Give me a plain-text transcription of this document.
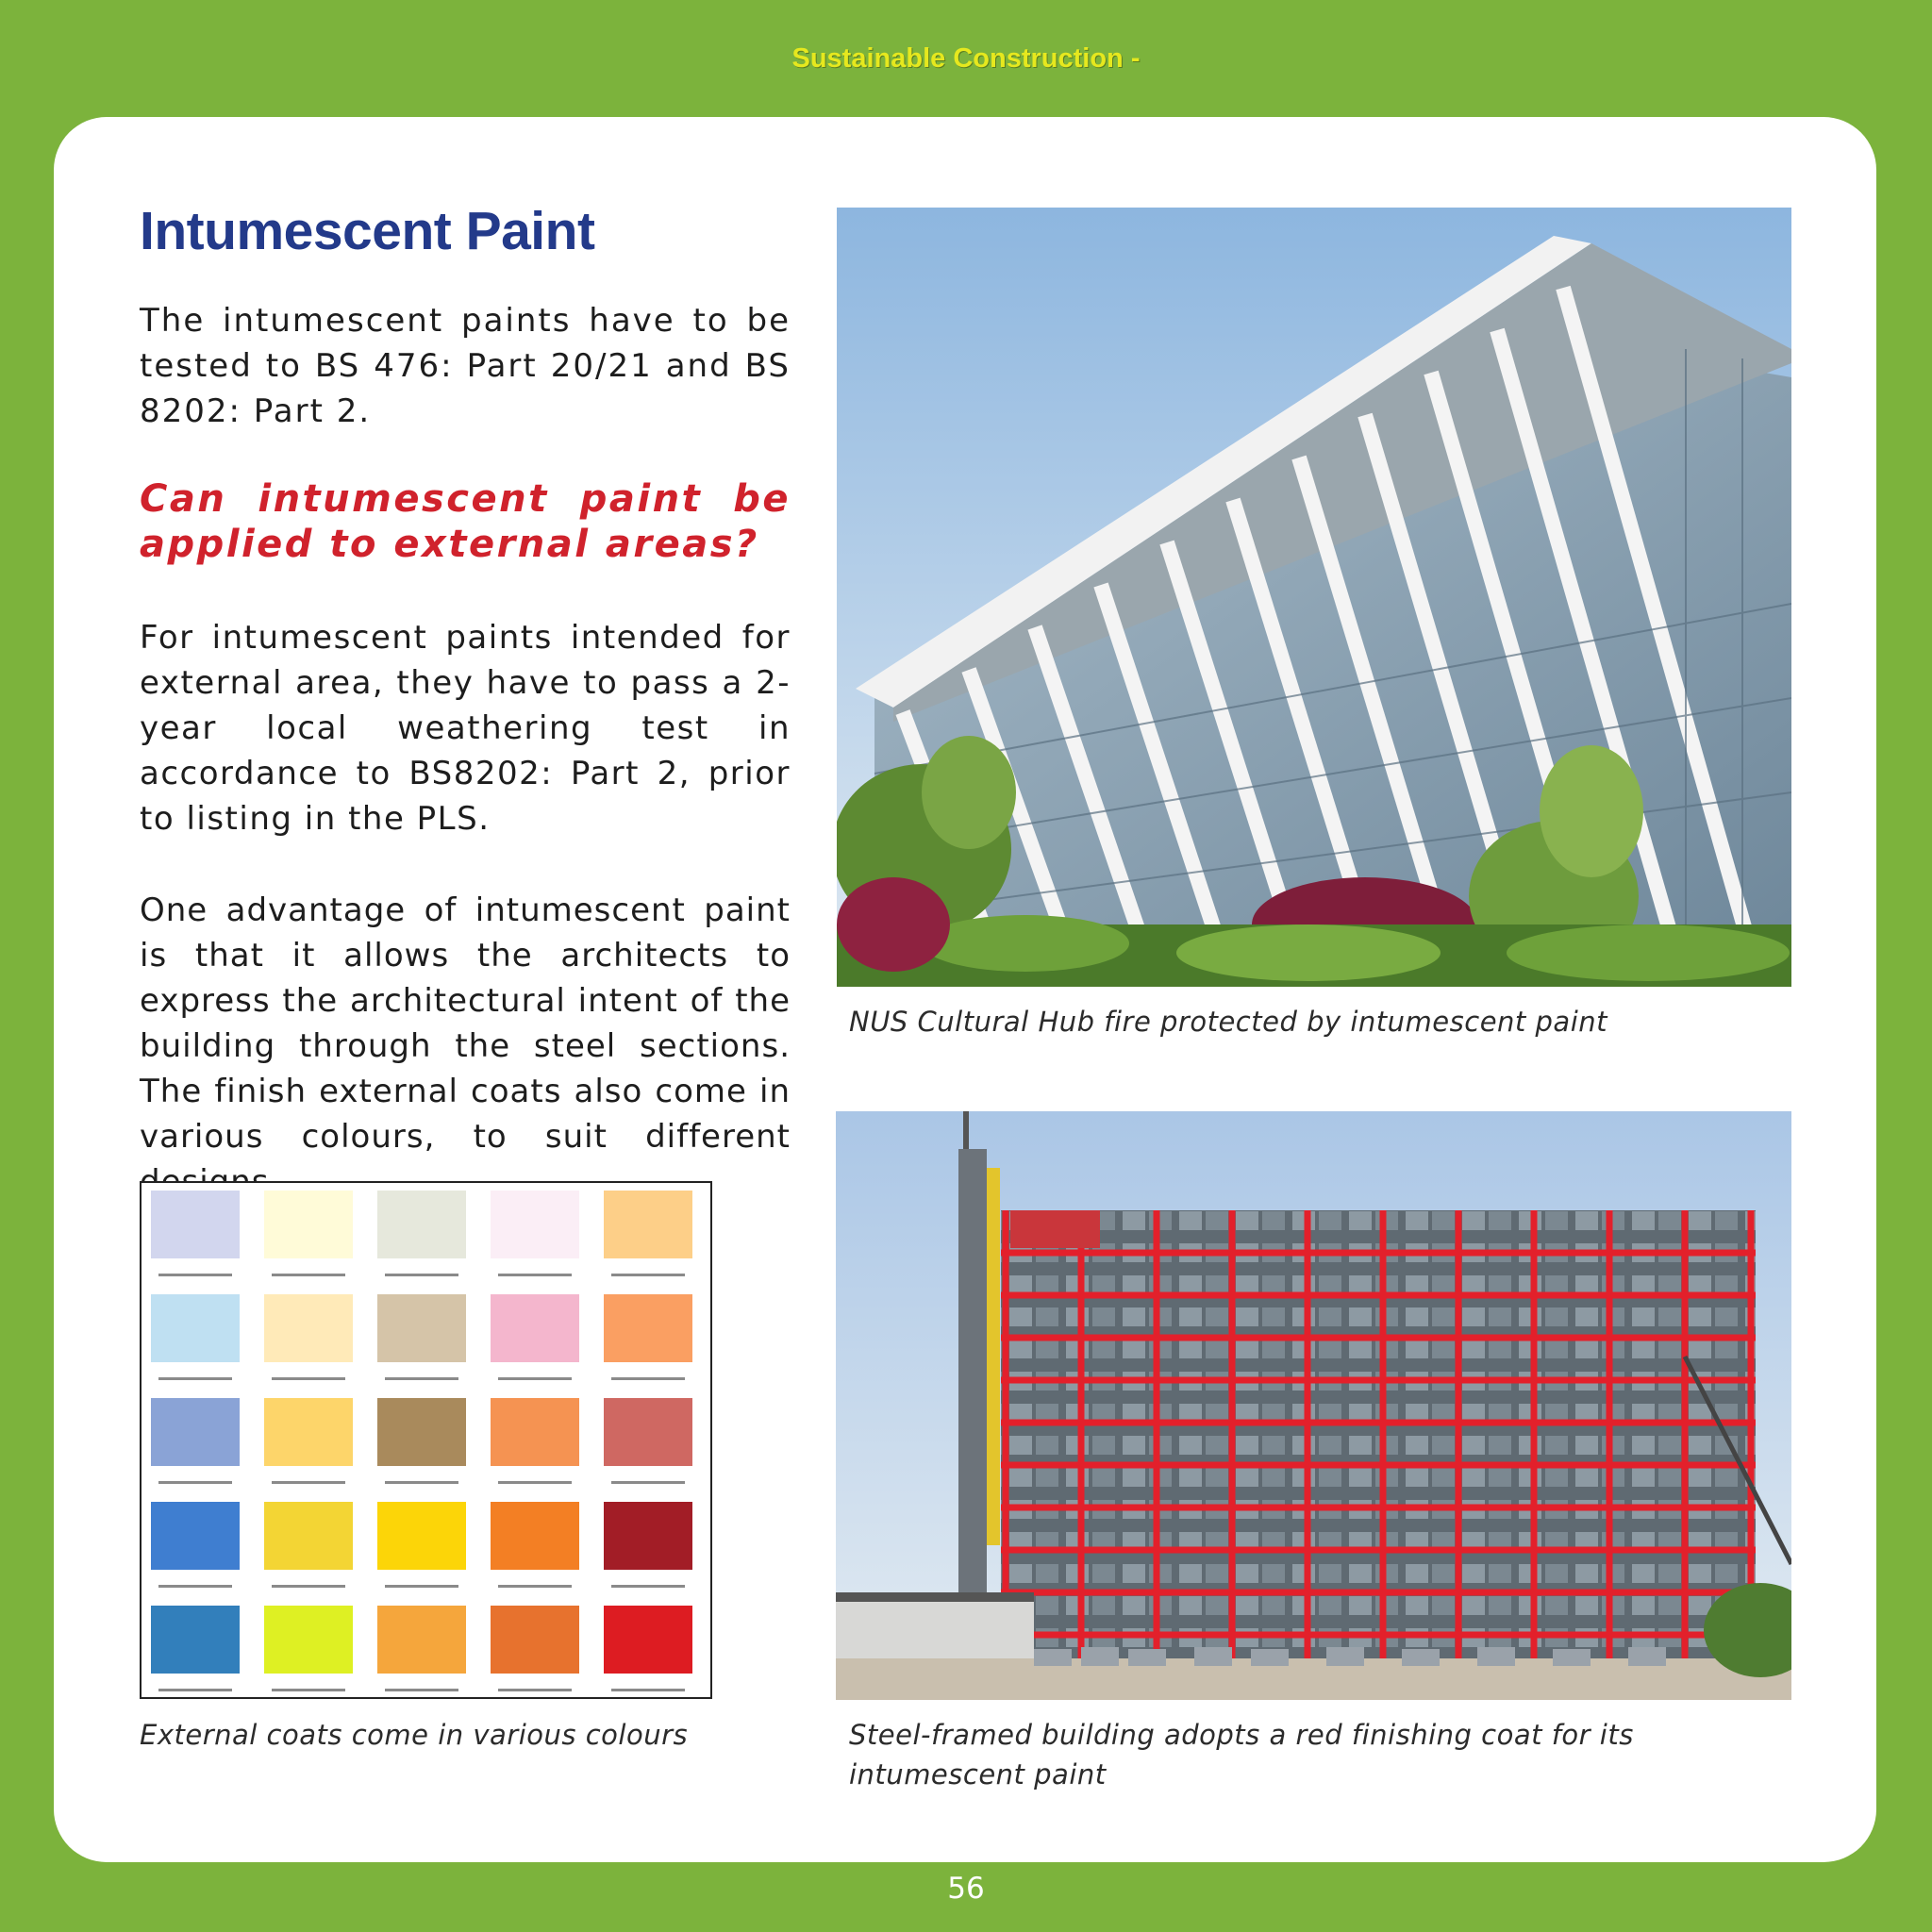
Sustainable Construction -
Intumescent Paint

The intumescent paints have to be tested to BS 476: Part 20/21 and BS 8202: Part 2.

Can intumescent paint be applied to external areas?

For intumescent paints intended for external area, they have to pass a 2-year local weathering test in accordance to BS8202: Part 2, prior to listing in the PLS.

One advantage of intumescent paint is that it allows the architects to express the architectural intent of the building through the steel sections. The finish external coats also come in various colours, to suit different

NUS Cultural Hub fire protected by intumescent paint

Steel-framed building adopts a red finishing coat for its intumescent paint

External coats come in various colours

56
